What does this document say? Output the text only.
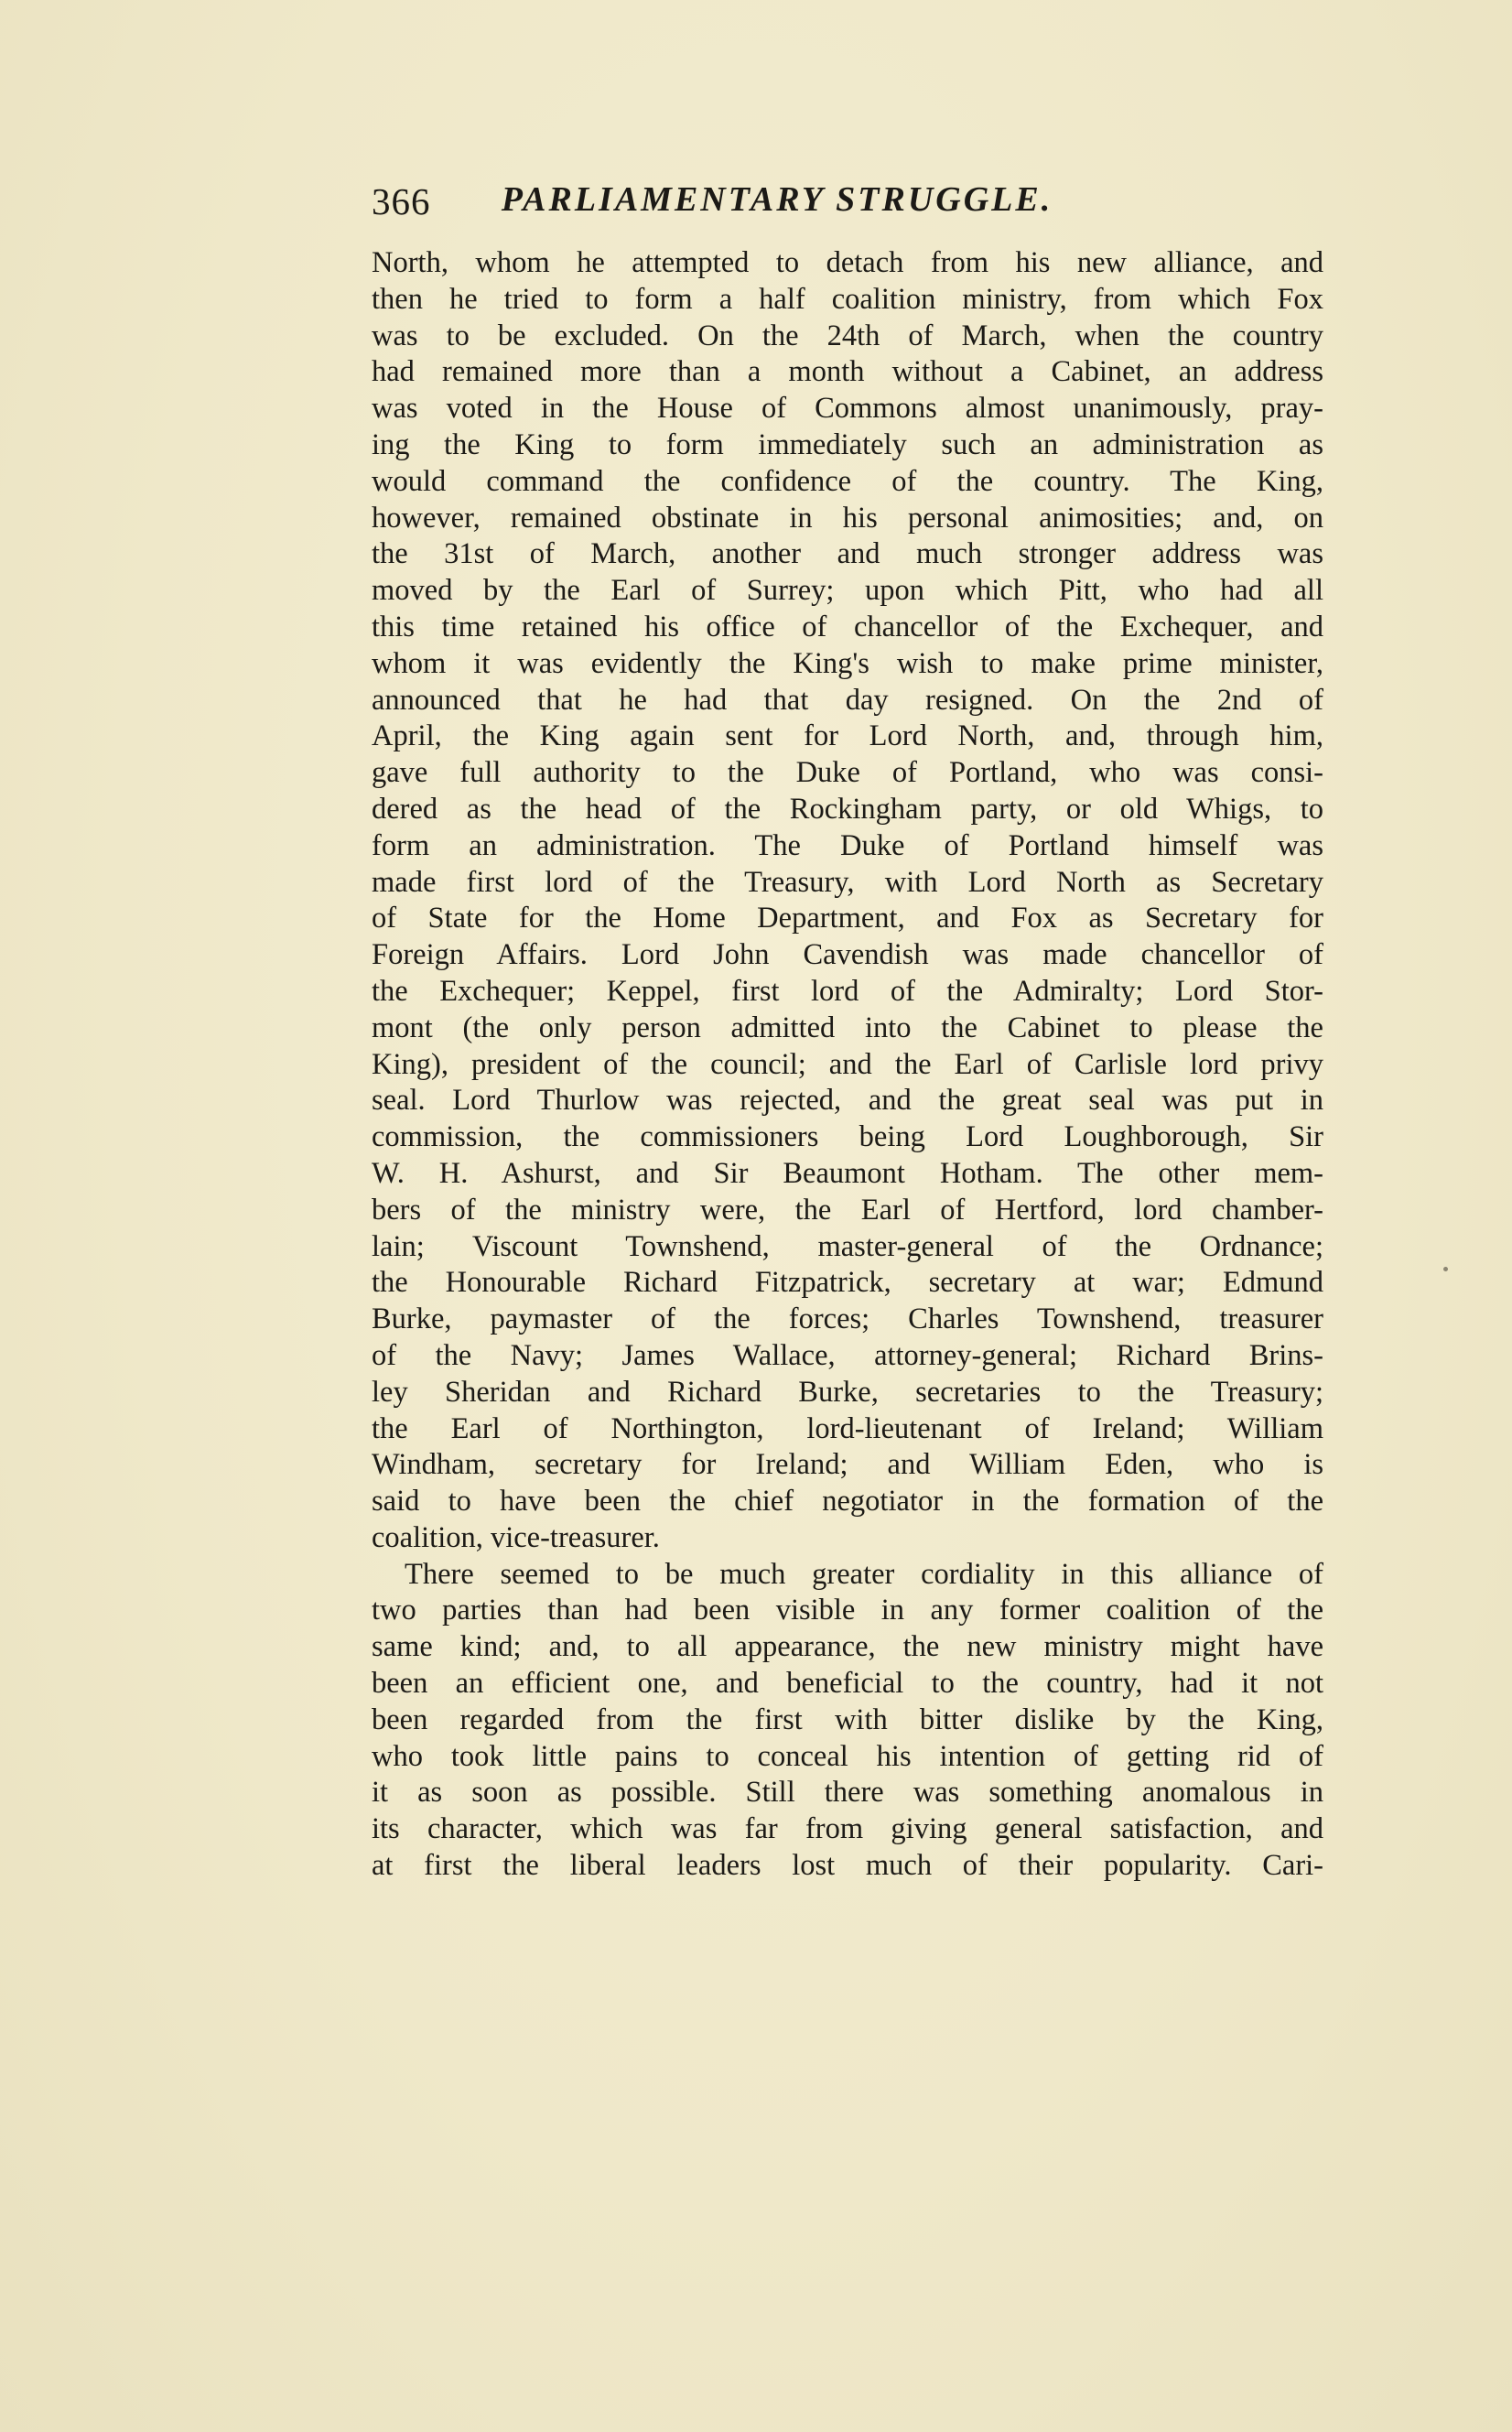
366	PARLIAMENTARY STRUGGLE.
North, whom he attempted to detach from his new alliance, and
then he tried to form a half coalition ministry, from which Fox
was to be excluded. On the 24th of March, when the country
had remained more than a month without a Cabinet, an address
was voted in the House of Commons almost unanimously, pray-
ing the King to form immediately such an administration as
would command the confidence of the country. The King,
however, remained obstinate in his personal animosities; and, on
the 31st of March, another and much stronger address was
moved by the Earl of Surrey; upon which Pitt, who had all
this time retained his office of chancellor of the Exchequer, and
whom it was evidently the King's wish to make prime minister,
announced that he had that day resigned. On the 2nd of
April, the King again sent for Lord North, and, through him,
gave full authority to the Duke of Portland, who was consi-
dered as the head of the Rockingham party, or old Whigs, to
form an administration. The Duke of Portland himself was
made first lord of the Treasury, with Lord North as Secretary
of State for the Home Department, and Fox as Secretary for
Foreign Affairs. Lord John Cavendish was made chancellor of
the Exchequer; Keppel, first lord of the Admiralty; Lord Stor-
mont (the only person admitted into the Cabinet to please the
King), president of the council; and the Earl of Carlisle lord privy
seal. Lord Thurlow was rejected, and the great seal was put in
commission, the commissioners being Lord Loughborough, Sir
W. H. Ashurst, and Sir Beaumont Hotham. The other mem-
bers of the ministry were, the Earl of Hertford, lord chamber-
lain; Viscount Townshend, master-general of the Ordnance;
the Honourable Richard Fitzpatrick, secretary at war; Edmund
Burke, paymaster of the forces; Charles Townshend, treasurer
of the Navy; James Wallace, attorney-general; Richard Brins-
ley Sheridan and Richard Burke, secretaries to the Treasury;
the Earl of Northington, lord-lieutenant of Ireland; William
Windham, secretary for Ireland; and William Eden, who is
said to have been the chief negotiator in the formation of the
coalition, vice-treasurer.
There seemed to be much greater cordiality in this alliance of
two parties than had been visible in any former coalition of the
same kind; and, to all appearance, the new ministry might have
been an efficient one, and beneficial to the country, had it not
been regarded from the first with bitter dislike by the King,
who took little pains to conceal his intention of getting rid of
it as soon as possible. Still there was something anomalous in
its character, which was far from giving general satisfaction, and
at first the liberal leaders lost much of their popularity. Cari-
